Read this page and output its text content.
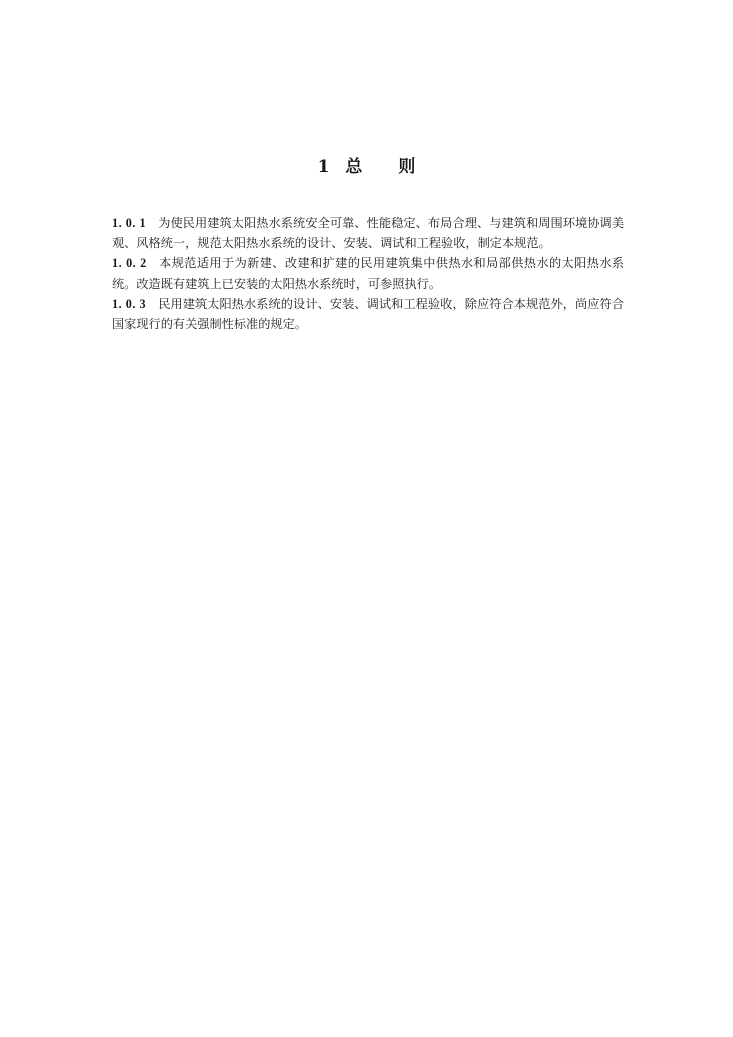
1 总 则

1. 0. 1 为使民用建筑太阳热水系统安全可靠、性能稳定、布局合理、与建筑和周围环境协调美观、风格统一，规范太阳热水系统的设计、安装、调试和工程验收，制定本规范。

1. 0. 2 本规范适用于为新建、改建和扩建的民用建筑集中供热水和局部供热水的太阳热水系统。改造既有建筑上已安装的太阳热水系统时，可参照执行。

1. 0. 3 民用建筑太阳热水系统的设计、安装、调试和工程验收，除应符合本规范外，尚应符合国家现行的有关强制性标准的规定。
